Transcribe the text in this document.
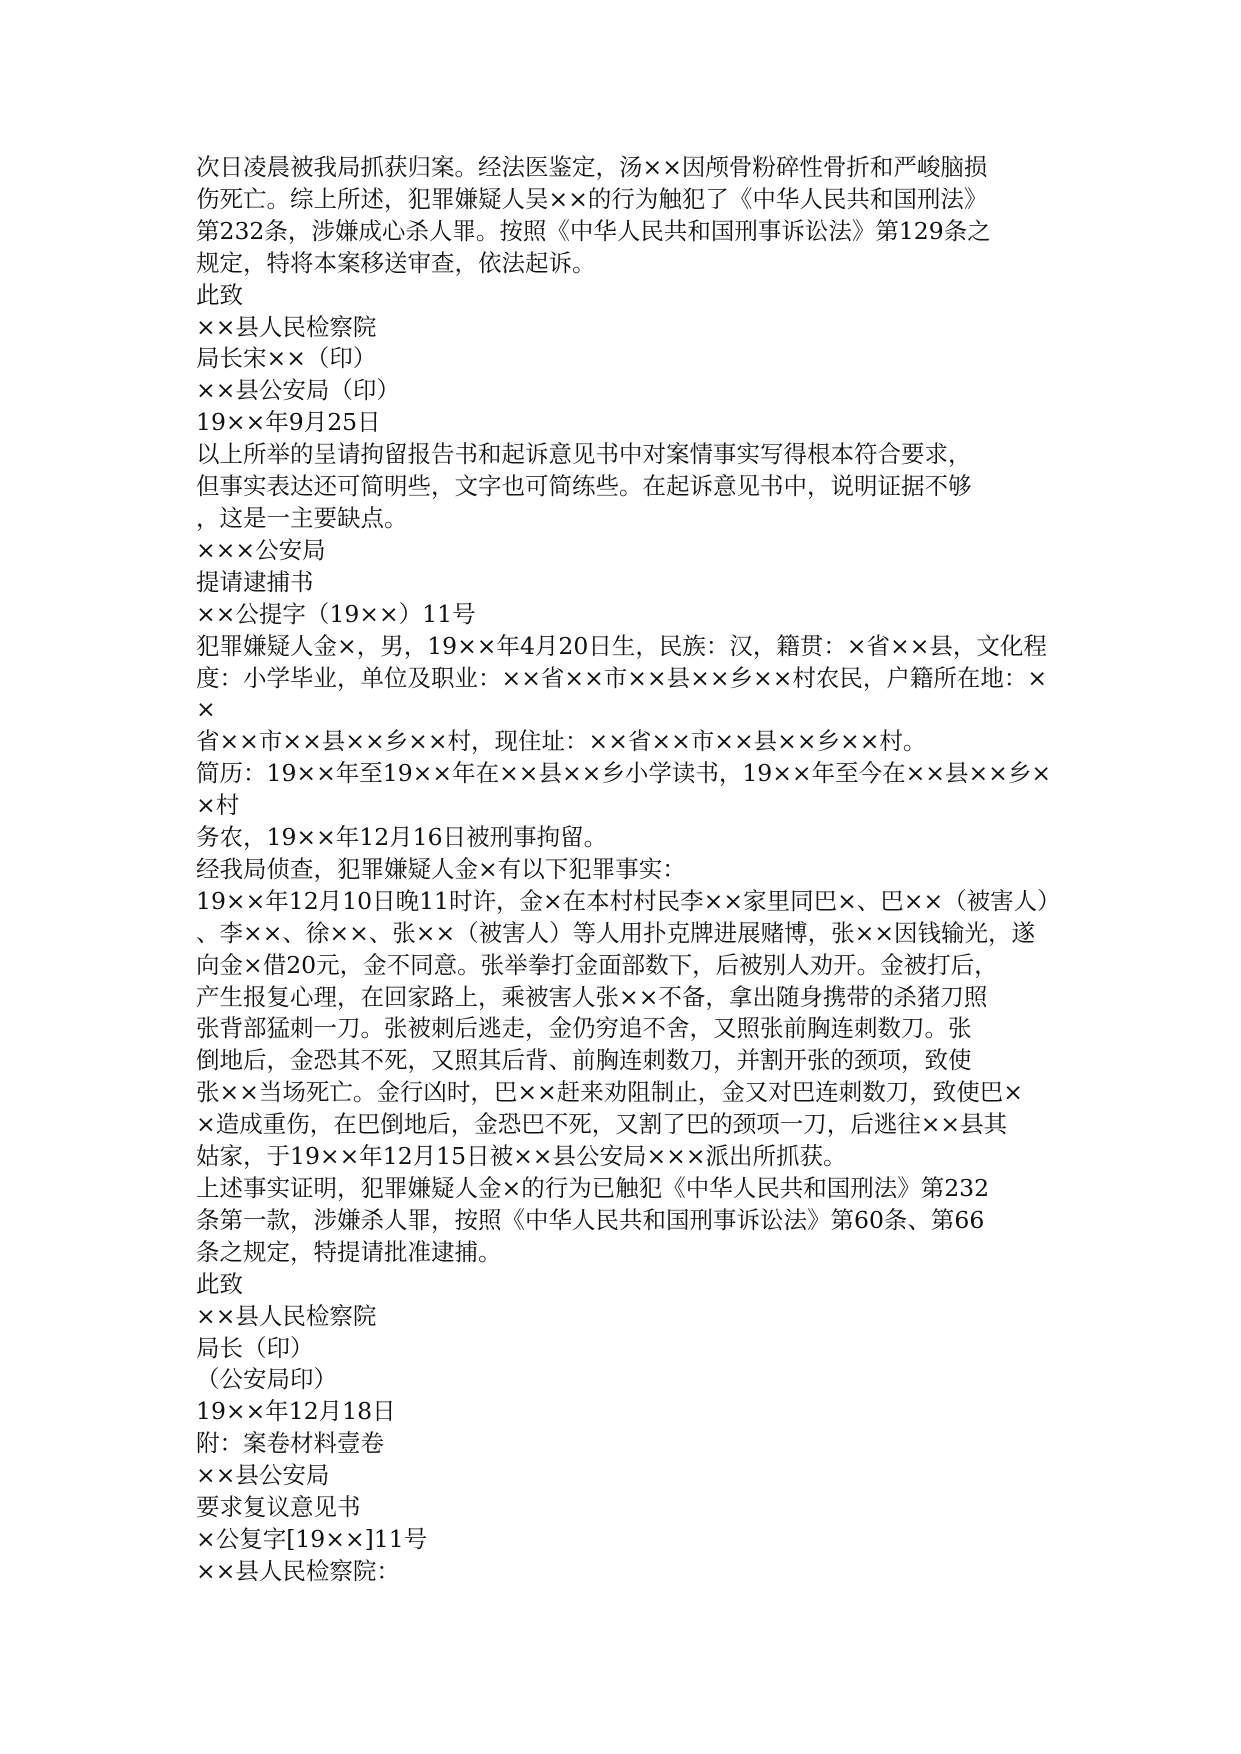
次日凌晨被我局抓获归案。经法医鉴定，汤××因颅骨粉碎性骨折和严峻脑损

伤死亡。综上所述，犯罪嫌疑人吴××的行为触犯了《中华人民共和国刑法》

第232条，涉嫌成心杀人罪。按照《中华人民共和国刑事诉讼法》第129条之

规定，特将本案移送审查，依法起诉。

此致

××县人民检察院

局长宋××（印）

××县公安局（印）

19××年9月25日

以上所举的呈请拘留报告书和起诉意见书中对案情事实写得根本符合要求，

但事实表达还可简明些，文字也可简练些。在起诉意见书中，说明证据不够

，这是一主要缺点。

×××公安局

提请逮捕书

××公提字（19××）11号

犯罪嫌疑人金×，男，19××年4月20日生，民族：汉，籍贯：×省××县，文化程

度：小学毕业，单位及职业：××省××市××县××乡××村农民，户籍所在地：××

省××市××县××乡××村，现住址：××省××市××县××乡××村。

简历：19××年至19××年在××县××乡小学读书，19××年至今在××县××乡××村

务农，19××年12月16日被刑事拘留。

经我局侦查，犯罪嫌疑人金×有以下犯罪事实：

19××年12月10日晚11时许，金×在本村村民李××家里同巴×、巴××（被害人）

、李××、徐××、张××（被害人）等人用扑克牌进展赌博，张××因钱输光，遂

向金×借20元，金不同意。张举拳打金面部数下，后被别人劝开。金被打后，

产生报复心理，在回家路上，乘被害人张××不备，拿出随身携带的杀猪刀照

张背部猛刺一刀。张被刺后逃走，金仍穷追不舍，又照张前胸连刺数刀。张

倒地后，金恐其不死，又照其后背、前胸连刺数刀，并割开张的颈项，致使

张××当场死亡。金行凶时，巴××赶来劝阻制止，金又对巴连刺数刀，致使巴×

×造成重伤，在巴倒地后，金恐巴不死，又割了巴的颈项一刀，后逃往××县其

姑家，于19××年12月15日被××县公安局×××派出所抓获。

上述事实证明，犯罪嫌疑人金×的行为已触犯《中华人民共和国刑法》第232

条第一款，涉嫌杀人罪，按照《中华人民共和国刑事诉讼法》第60条、第66

条之规定，特提请批准逮捕。

此致

××县人民检察院

局长（印）

（公安局印）

19××年12月18日

附：案卷材料壹卷

××县公安局

要求复议意见书

×公复字[19××]11号

××县人民检察院：
